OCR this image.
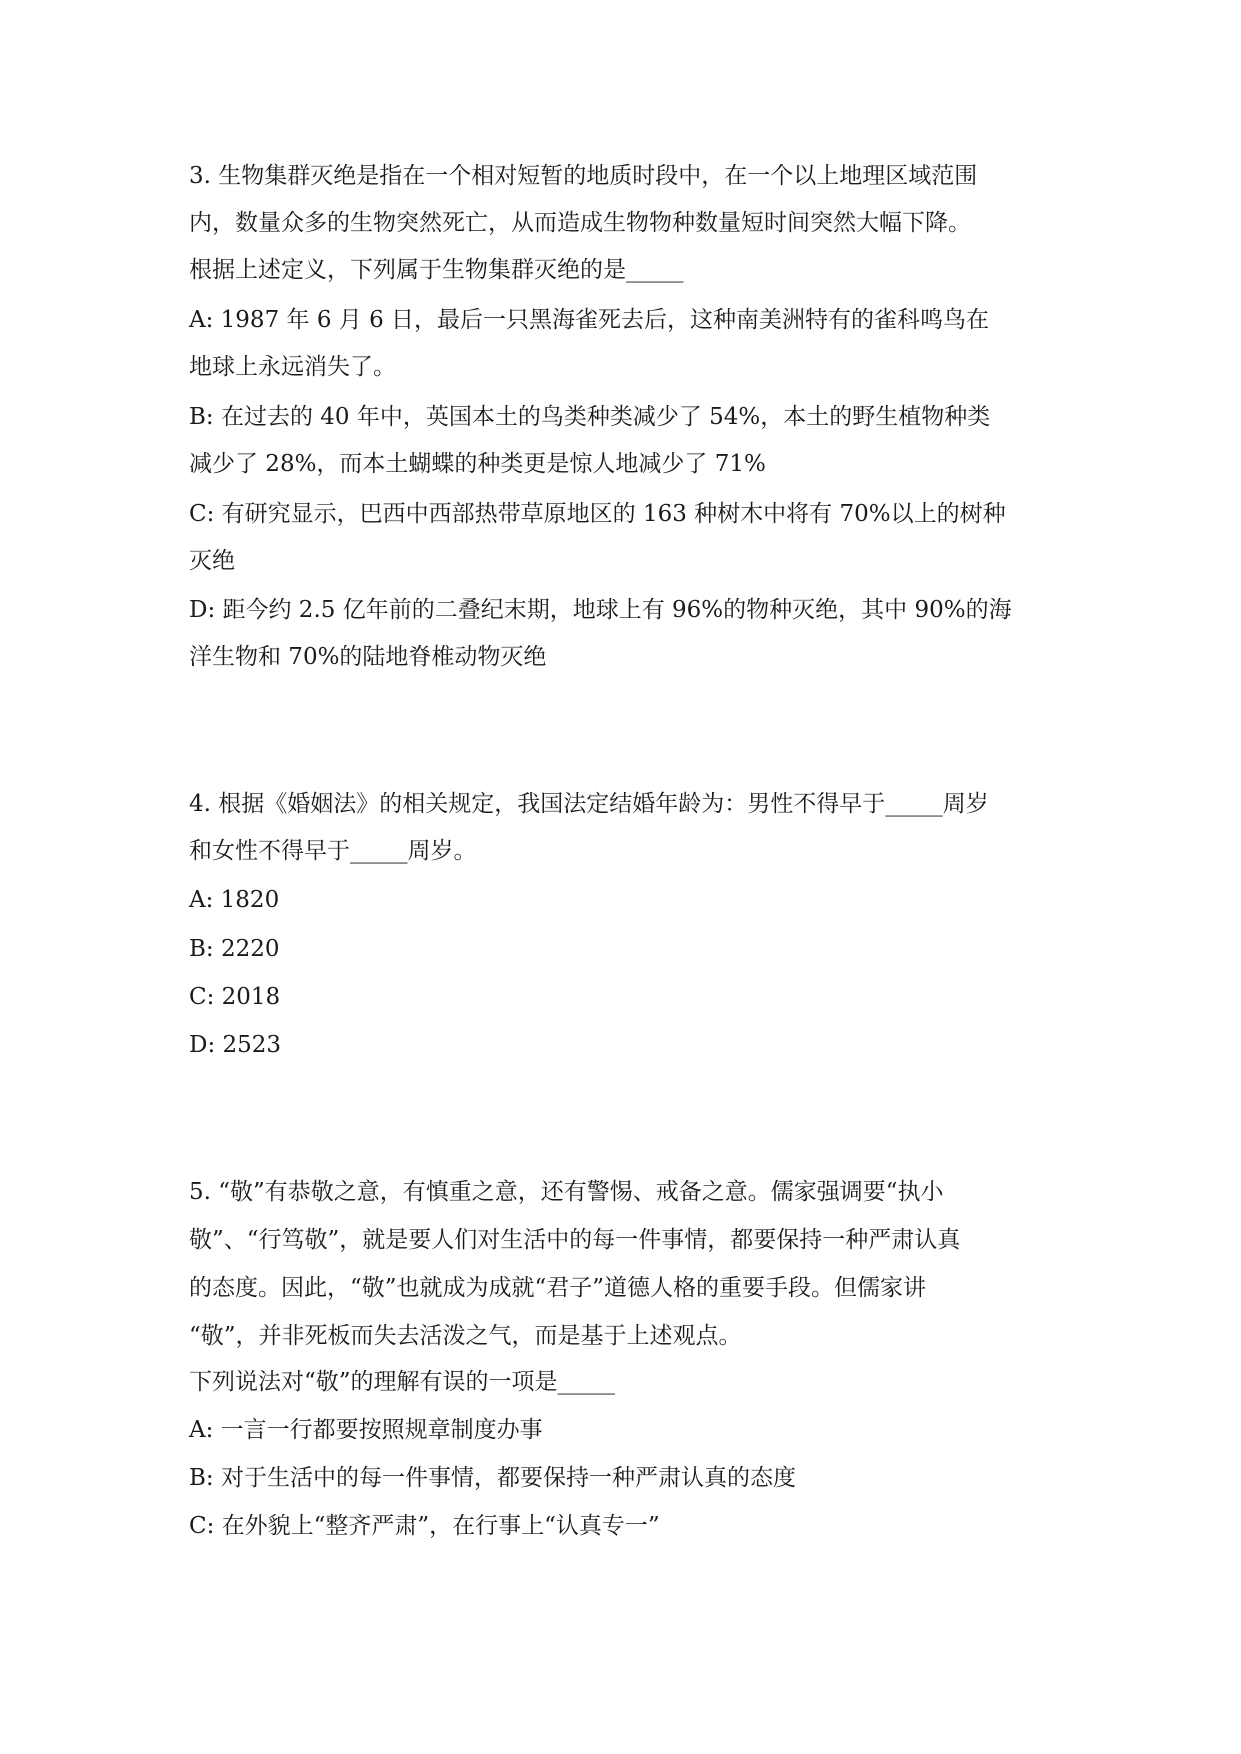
3. 生物集群灭绝是指在一个相对短暂的地质时段中，在一个以上地理区域范围
内，数量众多的生物突然死亡，从而造成生物物种数量短时间突然大幅下降。
根据上述定义，下列属于生物集群灭绝的是_____
A: 1987 年 6 月 6 日，最后一只黑海雀死去后，这种南美洲特有的雀科鸣鸟在
地球上永远消失了。
B: 在过去的 40 年中，英国本土的鸟类种类减少了 54%，本土的野生植物种类
减少了 28%，而本土蝴蝶的种类更是惊人地减少了 71%
C: 有研究显示，巴西中西部热带草原地区的 163 种树木中将有 70%以上的树种
灭绝
D: 距今约 2.5 亿年前的二叠纪末期，地球上有 96%的物种灭绝，其中 90%的海
洋生物和 70%的陆地脊椎动物灭绝
4. 根据《婚姻法》的相关规定，我国法定结婚年龄为：男性不得早于_____周岁
和女性不得早于_____周岁。
A: 1820
B: 2220
C: 2018
D: 2523
5. “敬”有恭敬之意，有慎重之意，还有警惕、戒备之意。儒家强调要“执小
敬”、“行笃敬”，就是要人们对生活中的每一件事情，都要保持一种严肃认真
的态度。因此，“敬”也就成为成就“君子”道德人格的重要手段。但儒家讲
“敬”，并非死板而失去活泼之气，而是基于上述观点。
下列说法对“敬”的理解有误的一项是_____
A: 一言一行都要按照规章制度办事
B: 对于生活中的每一件事情，都要保持一种严肃认真的态度
C: 在外貌上“整齐严肃”，在行事上“认真专一”
